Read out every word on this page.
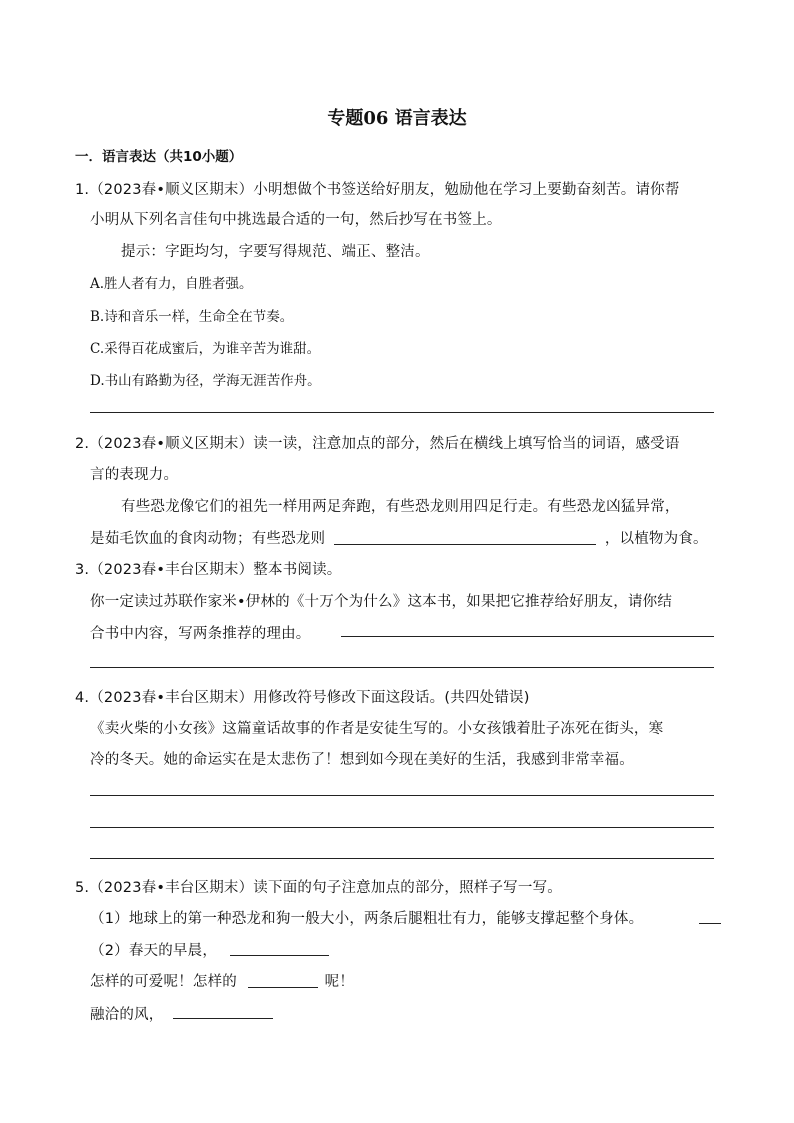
专题06 语言表达
一．语言表达（共10小题）
1.（2023春•顺义区期末）小明想做个书签送给好朋友，勉励他在学习上要勤奋刻苦。请你帮
小明从下列名言佳句中挑选最合适的一句，然后抄写在书签上。
提示：字距均匀，字要写得规范、端正、整洁。
A.胜人者有力，自胜者强。
B.诗和音乐一样，生命全在节奏。
C.采得百花成蜜后，为谁辛苦为谁甜。
D.书山有路勤为径，学海无涯苦作舟。
2.（2023春•顺义区期末）读一读，注意加点的部分，然后在横线上填写恰当的词语，感受语
言的表现力。
有些恐龙像它们的祖先一样用两足奔跑，有些恐龙则用四足行走。有些恐龙凶猛异常，
是茹毛饮血的食肉动物；有些恐龙则	，以植物为食。
3.（2023春•丰台区期末）整本书阅读。
你一定读过苏联作家米•伊林的《十万个为什么》这本书，如果把它推荐给好朋友，请你结
合书中内容，写两条推荐的理由。
4.（2023春•丰台区期末）用修改符号修改下面这段话。(共四处错误)
《卖火柴的小女孩》这篇童话故事的作者是安徒生写的。小女孩饿着肚子冻死在街头，寒
冷的冬天。她的命运实在是太悲伤了！想到如今现在美好的生活，我感到非常幸福。
5.（2023春•丰台区期末）读下面的句子注意加点的部分，照样子写一写。
（1）地球上的第一种恐龙和狗一般大小，两条后腿粗壮有力，能够支撑起整个身体。
（2）春天的早晨，
怎样的可爱呢！怎样的	呢！
融洽的风，
